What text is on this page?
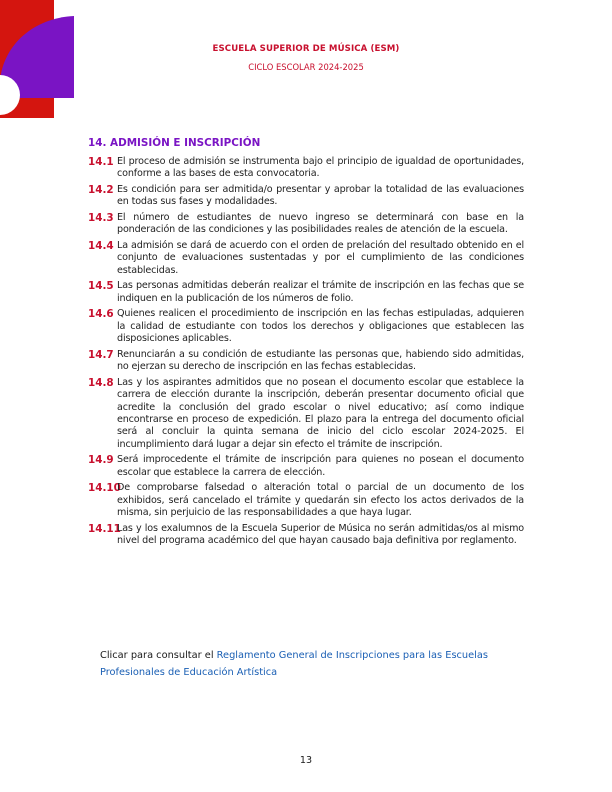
ESCUELA SUPERIOR DE MÚSICA (ESM)
CICLO ESCOLAR 2024-2025
14. ADMISIÓN E INSCRIPCIÓN
14.1 El proceso de admisión se instrumenta bajo el principio de igualdad de oportunidades, conforme a las bases de esta convocatoria.
14.2 Es condición para ser admitida/o presentar y aprobar la totalidad de las evaluaciones en todas sus fases y modalidades.
14.3 El número de estudiantes de nuevo ingreso se determinará con base en la ponderación de las condiciones y las posibilidades reales de atención de la escuela.
14.4 La admisión se dará de acuerdo con el orden de prelación del resultado obtenido en el conjunto de evaluaciones sustentadas y por el cumplimiento de las condiciones establecidas.
14.5 Las personas admitidas deberán realizar el trámite de inscripción en las fechas que se indiquen en la publicación de los números de folio.
14.6 Quienes realicen el procedimiento de inscripción en las fechas estipuladas, adquieren la calidad de estudiante con todos los derechos y obligaciones que establecen las disposiciones aplicables.
14.7 Renunciarán a su condición de estudiante las personas que, habiendo sido admitidas, no ejerzan su derecho de inscripción en las fechas establecidas.
14.8 Las y los aspirantes admitidos que no posean el documento escolar que establece la carrera de elección durante la inscripción, deberán presentar documento oficial que acredite la conclusión del grado escolar o nivel educativo; así como indique encontrarse en proceso de expedición. El plazo para la entrega del documento oficial será al concluir la quinta semana de inicio del ciclo escolar 2024-2025. El incumplimiento dará lugar a dejar sin efecto el trámite de inscripción.
14.9 Será improcedente el trámite de inscripción para quienes no posean el documento escolar que establece la carrera de elección.
14.10
De comprobarse falsedad o alteración total o parcial de un documento de los exhibidos, será cancelado el trámite y quedarán sin efecto los actos derivados de la misma, sin perjuicio de las responsabilidades a que haya lugar.
14.11
Las y los exalumnos de la Escuela Superior de Música no serán admitidas/os al mismo nivel del programa académico del que hayan causado baja definitiva por reglamento.
Clicar para consultar el Reglamento General de Inscripciones para las Escuelas Profesionales de Educación Artística
13
